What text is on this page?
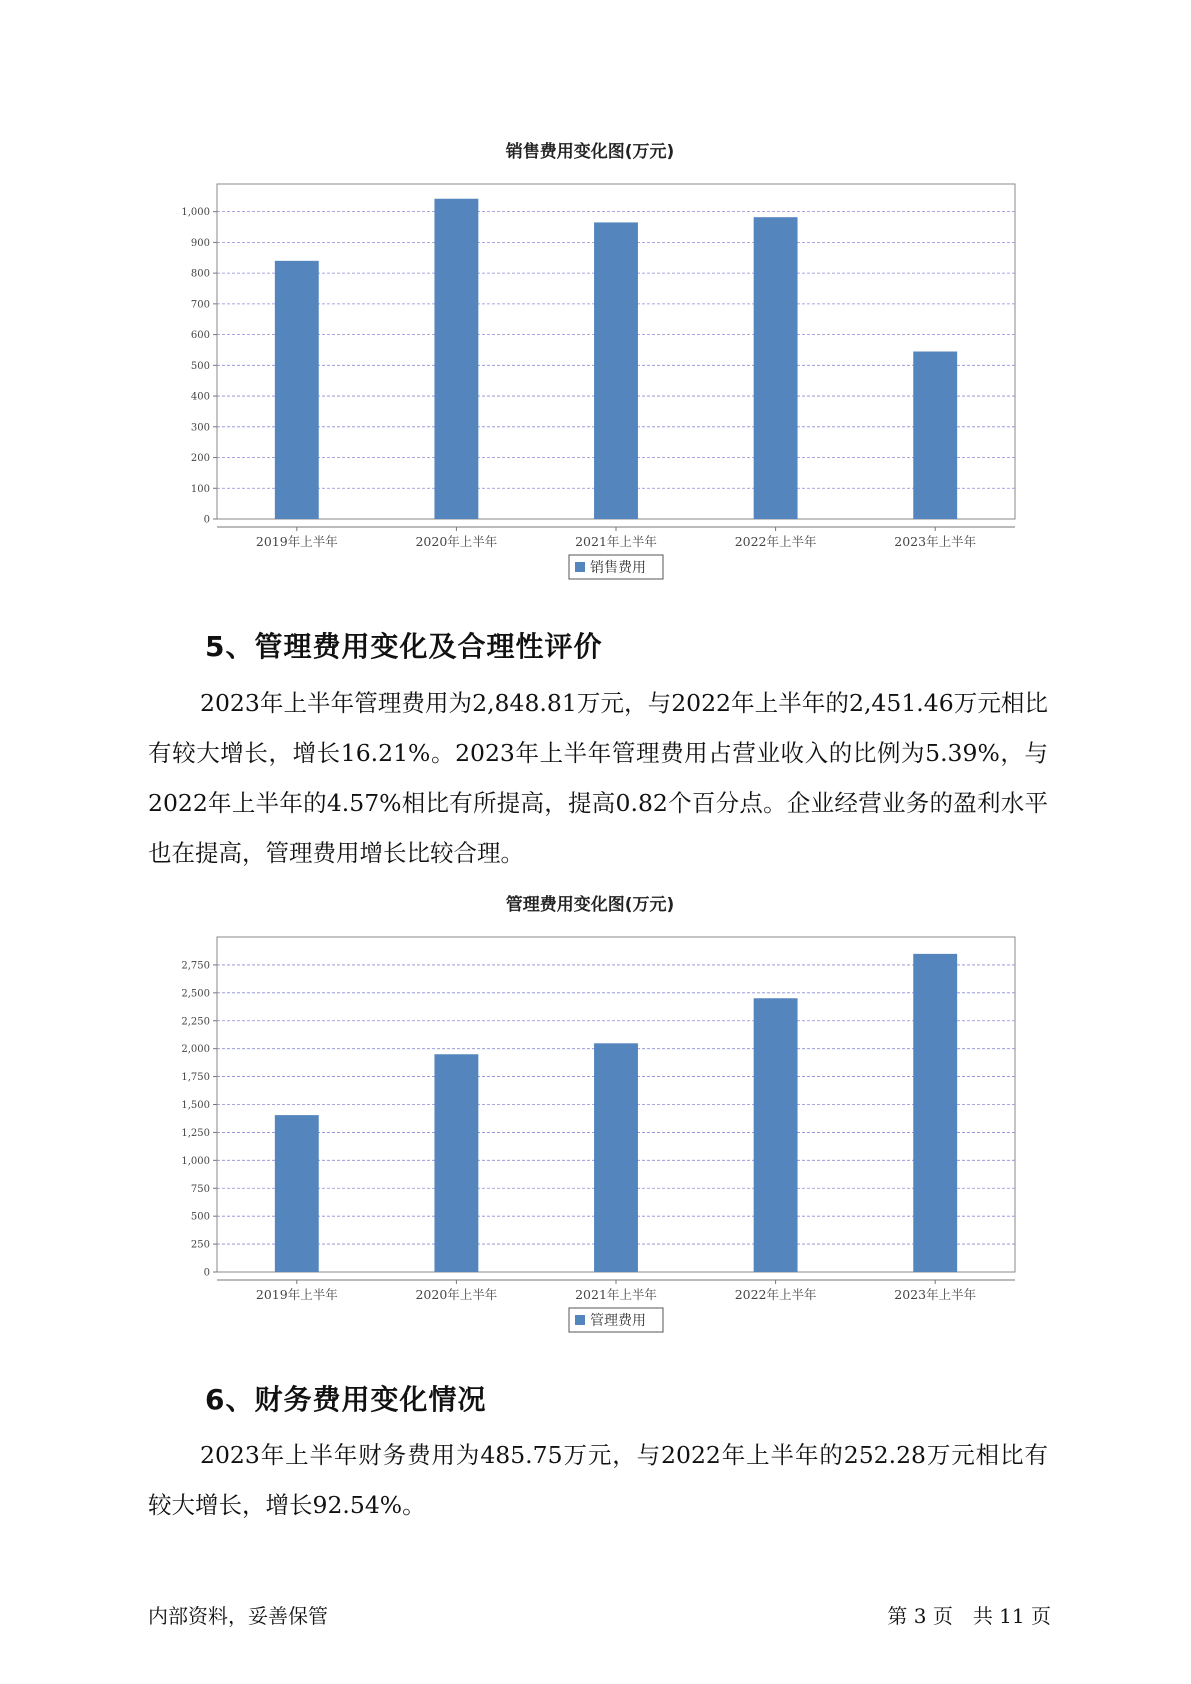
销售费用变化图(万元)
0
100
200
300
400
500
600
700
800
900
1,000
2019年上半年	2020年上半年	2021年上半年	2022年上半年	2023年上半年
销售费用
5、管理费用变化及合理性评价

2023年上半年管理费用为2,848.81万元，与2022年上半年的2,451.46万元相比有较大增长，增长16.21%。2023年上半年管理费用占营业收入的比例为5.39%，与2022年上半年的4.57%相比有所提高，提高0.82个百分点。企业经营业务的盈利水平也在提高，管理费用增长比较合理。

管理费用变化图(万元)
0
250
500
750
1,000
1,250
1,500
1,750
2,000
2,250
2,500
2,750
2019年上半年	2020年上半年	2021年上半年	2022年上半年	2023年上半年
管理费用
6、财务费用变化情况

2023年上半年财务费用为485.75万元，与2022年上半年的252.28万元相比有较大增长，增长92.54%。

内部资料，妥善保管	第 3 页　共 11 页
